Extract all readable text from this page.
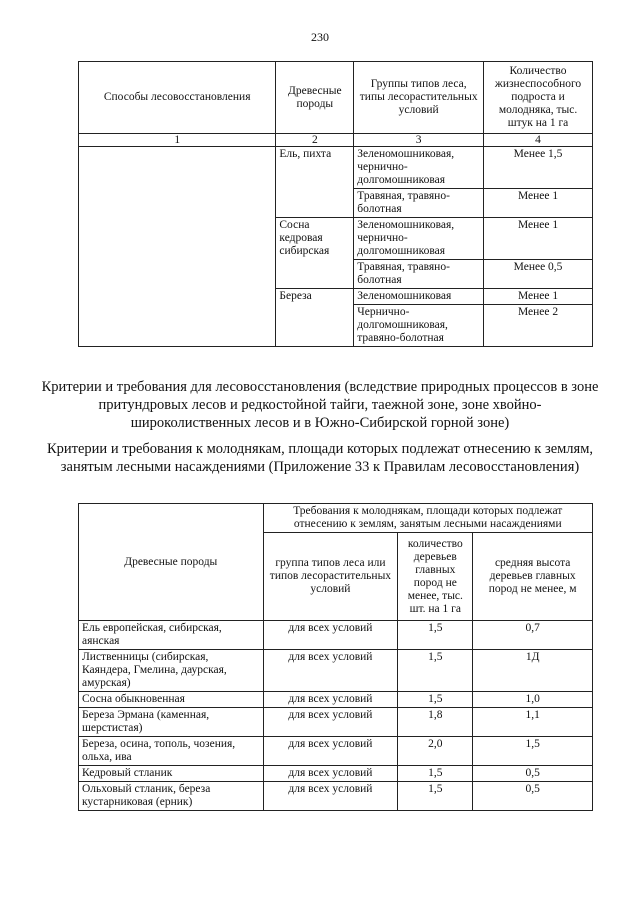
230
Способы лесовосстановления	Древесные породы	Группы типов леса, типы лесорастительных условий	Количество жизнеспособного подроста и молодняка, тыс. штук на 1 га
1	2	3	4
	Ель, пихта	Зеленомошниковая, чернично-долгомошниковая	Менее 1,5
		Травяная, травяно-болотная	Менее 1
	Сосна кедровая сибирская	Зеленомошниковая, чернично-долгомошниковая	Менее 1
		Травяная, травяно-болотная	Менее 0,5
	Береза	Зеленомошниковая	Менее 1
		Чернично-долгомошниковая, травяно-болотная	Менее 2
Критерии и требования для лесовосстановления (вследствие природных процессов в зоне притундровых лесов и редкостойной тайги, таежной зоне, зоне хвойно-широколиственных лесов и в Южно-Сибирской горной зоне)
Критерии и требования к молоднякам, площади которых подлежат отнесению к землям, занятым лесными насаждениями (Приложение 33 к Правилам лесовосстановления)
Древесные породы	Требования к молоднякам, площади которых подлежат отнесению к землям, занятым лесными насаждениями		
	группа типов леса или типов лесорастительных условий	количество деревьев главных пород не менее, тыс. шт. на 1 га	средняя высота деревьев главных пород не менее, м
Ель европейская, сибирская, аянская	для всех условий	1,5	0,7
Лиственницы (сибирская, Каяндера, Гмелина, даурская, амурская)	для всех условий	1,5	1Д
Сосна обыкновенная	для всех условий	1,5	1,0
Береза Эрмана (каменная, шерстистая)	для всех условий	1,8	1,1
Береза, осина, тополь, чозения, ольха, ива	для всех условий	2,0	1,5
Кедровый стланик	для всех условий	1,5	0,5
Ольховый стланик, береза кустарниковая (ерник)	для всех условий	1,5	0,5
